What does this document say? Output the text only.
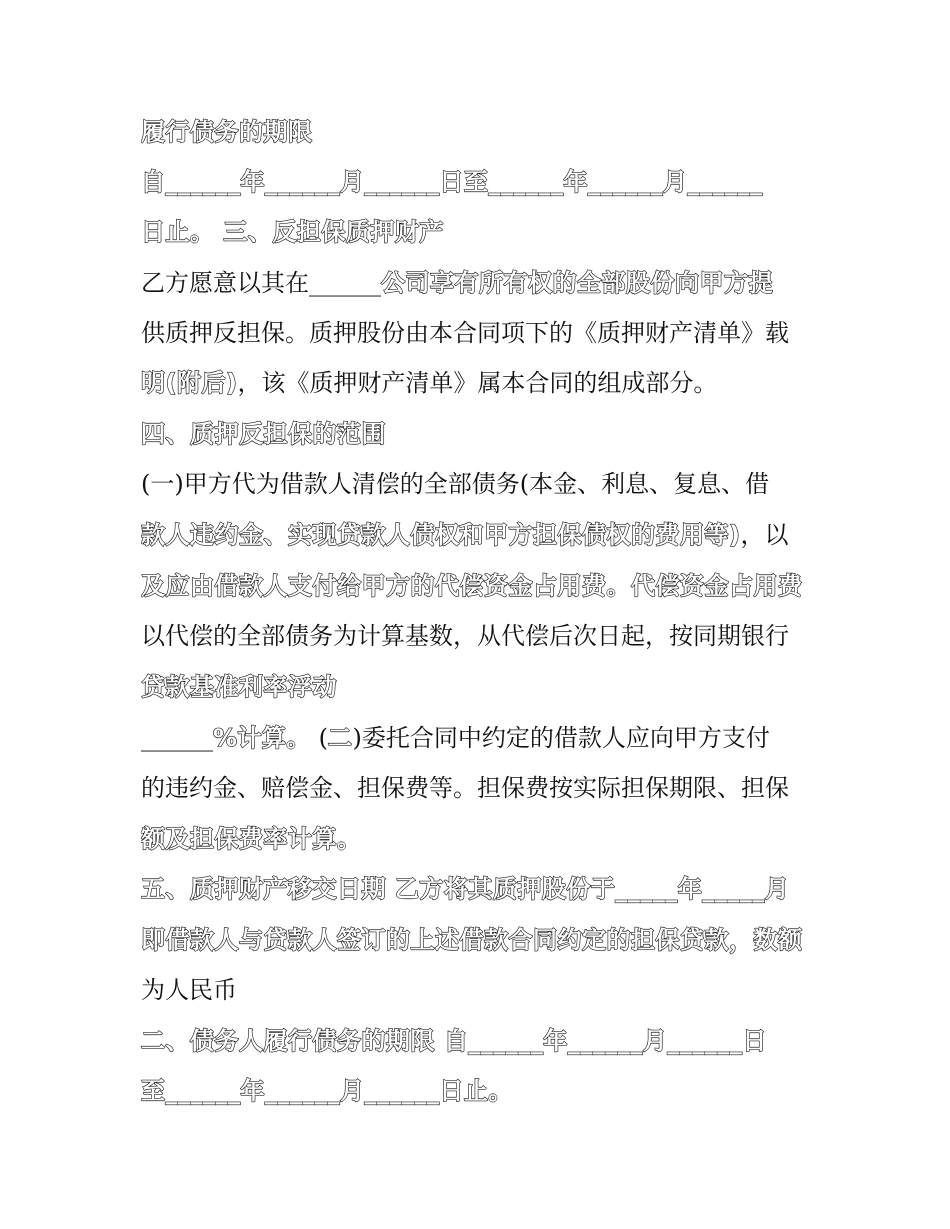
履行债务的期限
自______年______月______日至______年______月______
日止。 三、反担保质押财产
乙方愿意以其在______公司享有所有权的全部股份向甲方提
供质押反担保。质押股份由本合同项下的《质押财产清单》载
明(附后)，该《质押财产清单》属本合同的组成部分。
四、质押反担保的范围
(一)甲方代为借款人清偿的全部债务(本金、利息、复息、借
款人违约金、实现贷款人债权和甲方担保债权的费用等)，以
及应由借款人支付给甲方的代偿资金占用费。代偿资金占用费
以代偿的全部债务为计算基数，从代偿后次日起，按同期银行
贷款基准利率浮动
______%计算。 (二)委托合同中约定的借款人应向甲方支付
的违约金、赔偿金、担保费等。担保费按实际担保期限、担保
额及担保费率计算。
五、质押财产移交日期 乙方将其质押股份于_____年_____月
即借款人与贷款人签订的上述借款合同约定的担保贷款，数额
为人民币
二、债务人履行债务的期限 自______年______月______日
至______年______月______日止。
